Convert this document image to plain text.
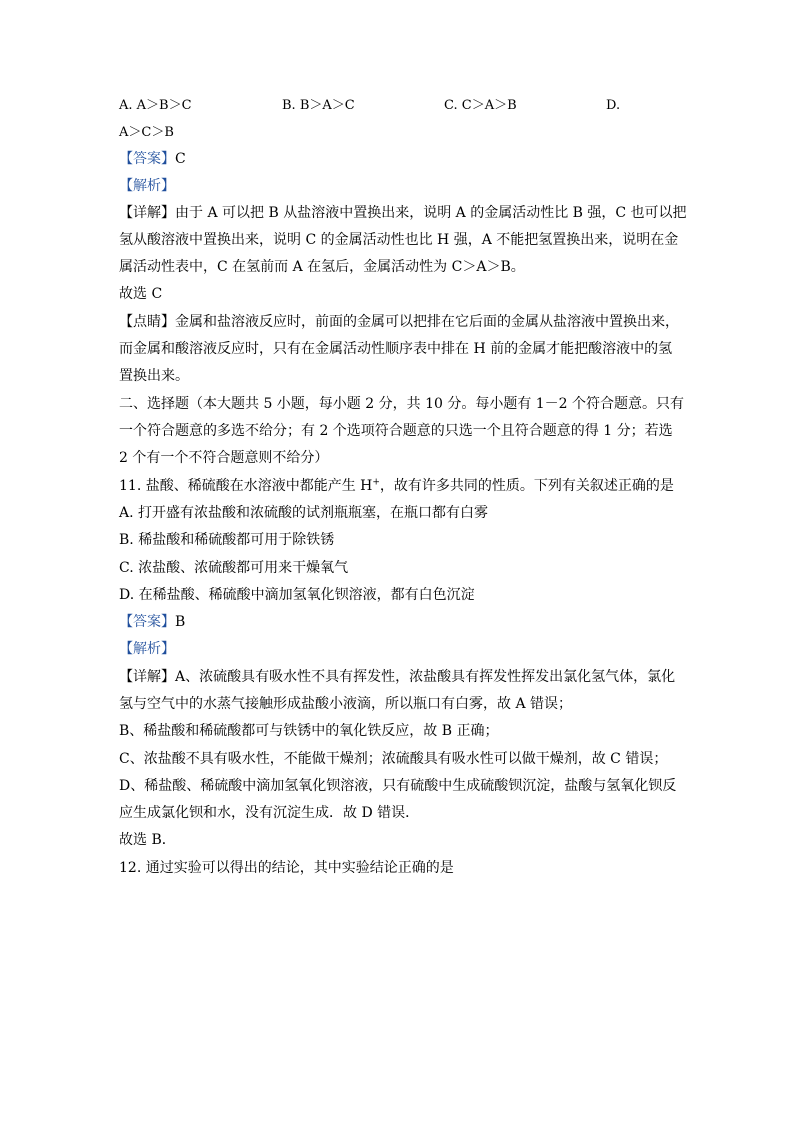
A. A＞B＞C	B. B＞A＞C	C. C＞A＞B	D.
A＞C＞B
【答案】C
【解析】
【详解】由于 A 可以把 B 从盐溶液中置换出来，说明 A 的金属活动性比 B 强，C 也可以把
氢从酸溶液中置换出来，说明 C 的金属活动性也比 H 强，A 不能把氢置换出来，说明在金
属活动性表中，C 在氢前而 A 在氢后，金属活动性为 C＞A＞B。
故选 C
【点睛】金属和盐溶液反应时，前面的金属可以把排在它后面的金属从盐溶液中置换出来，
而金属和酸溶液反应时，只有在金属活动性顺序表中排在 H 前的金属才能把酸溶液中的氢
置换出来。
二、选择题（本大题共 5 小题，每小题 2 分，共 10 分。每小题有 1－2 个符合题意。只有
一个符合题意的多选不给分；有 2 个选项符合题意的只选一个且符合题意的得 1 分；若选
2 个有一个不符合题意则不给分）
11. 盐酸、稀硫酸在水溶液中都能产生 H+，故有许多共同的性质。下列有关叙述正确的是
A. 打开盛有浓盐酸和浓硫酸的试剂瓶瓶塞，在瓶口都有白雾
B. 稀盐酸和稀硫酸都可用于除铁锈
C. 浓盐酸、浓硫酸都可用来干燥氧气
D. 在稀盐酸、稀硫酸中滴加氢氧化钡溶液，都有白色沉淀
【答案】B
【解析】
【详解】A、浓硫酸具有吸水性不具有挥发性，浓盐酸具有挥发性挥发出氯化氢气体，氯化
氢与空气中的水蒸气接触形成盐酸小液滴，所以瓶口有白雾，故 A 错误；
B、稀盐酸和稀硫酸都可与铁锈中的氧化铁反应，故 B 正确；
C、浓盐酸不具有吸水性，不能做干燥剂；浓硫酸具有吸水性可以做干燥剂，故 C 错误；
D、稀盐酸、稀硫酸中滴加氢氧化钡溶液，只有硫酸中生成硫酸钡沉淀，盐酸与氢氧化钡反
应生成氯化钡和水，没有沉淀生成．故 D 错误．
故选 B．
12. 通过实验可以得出的结论，其中实验结论正确的是
